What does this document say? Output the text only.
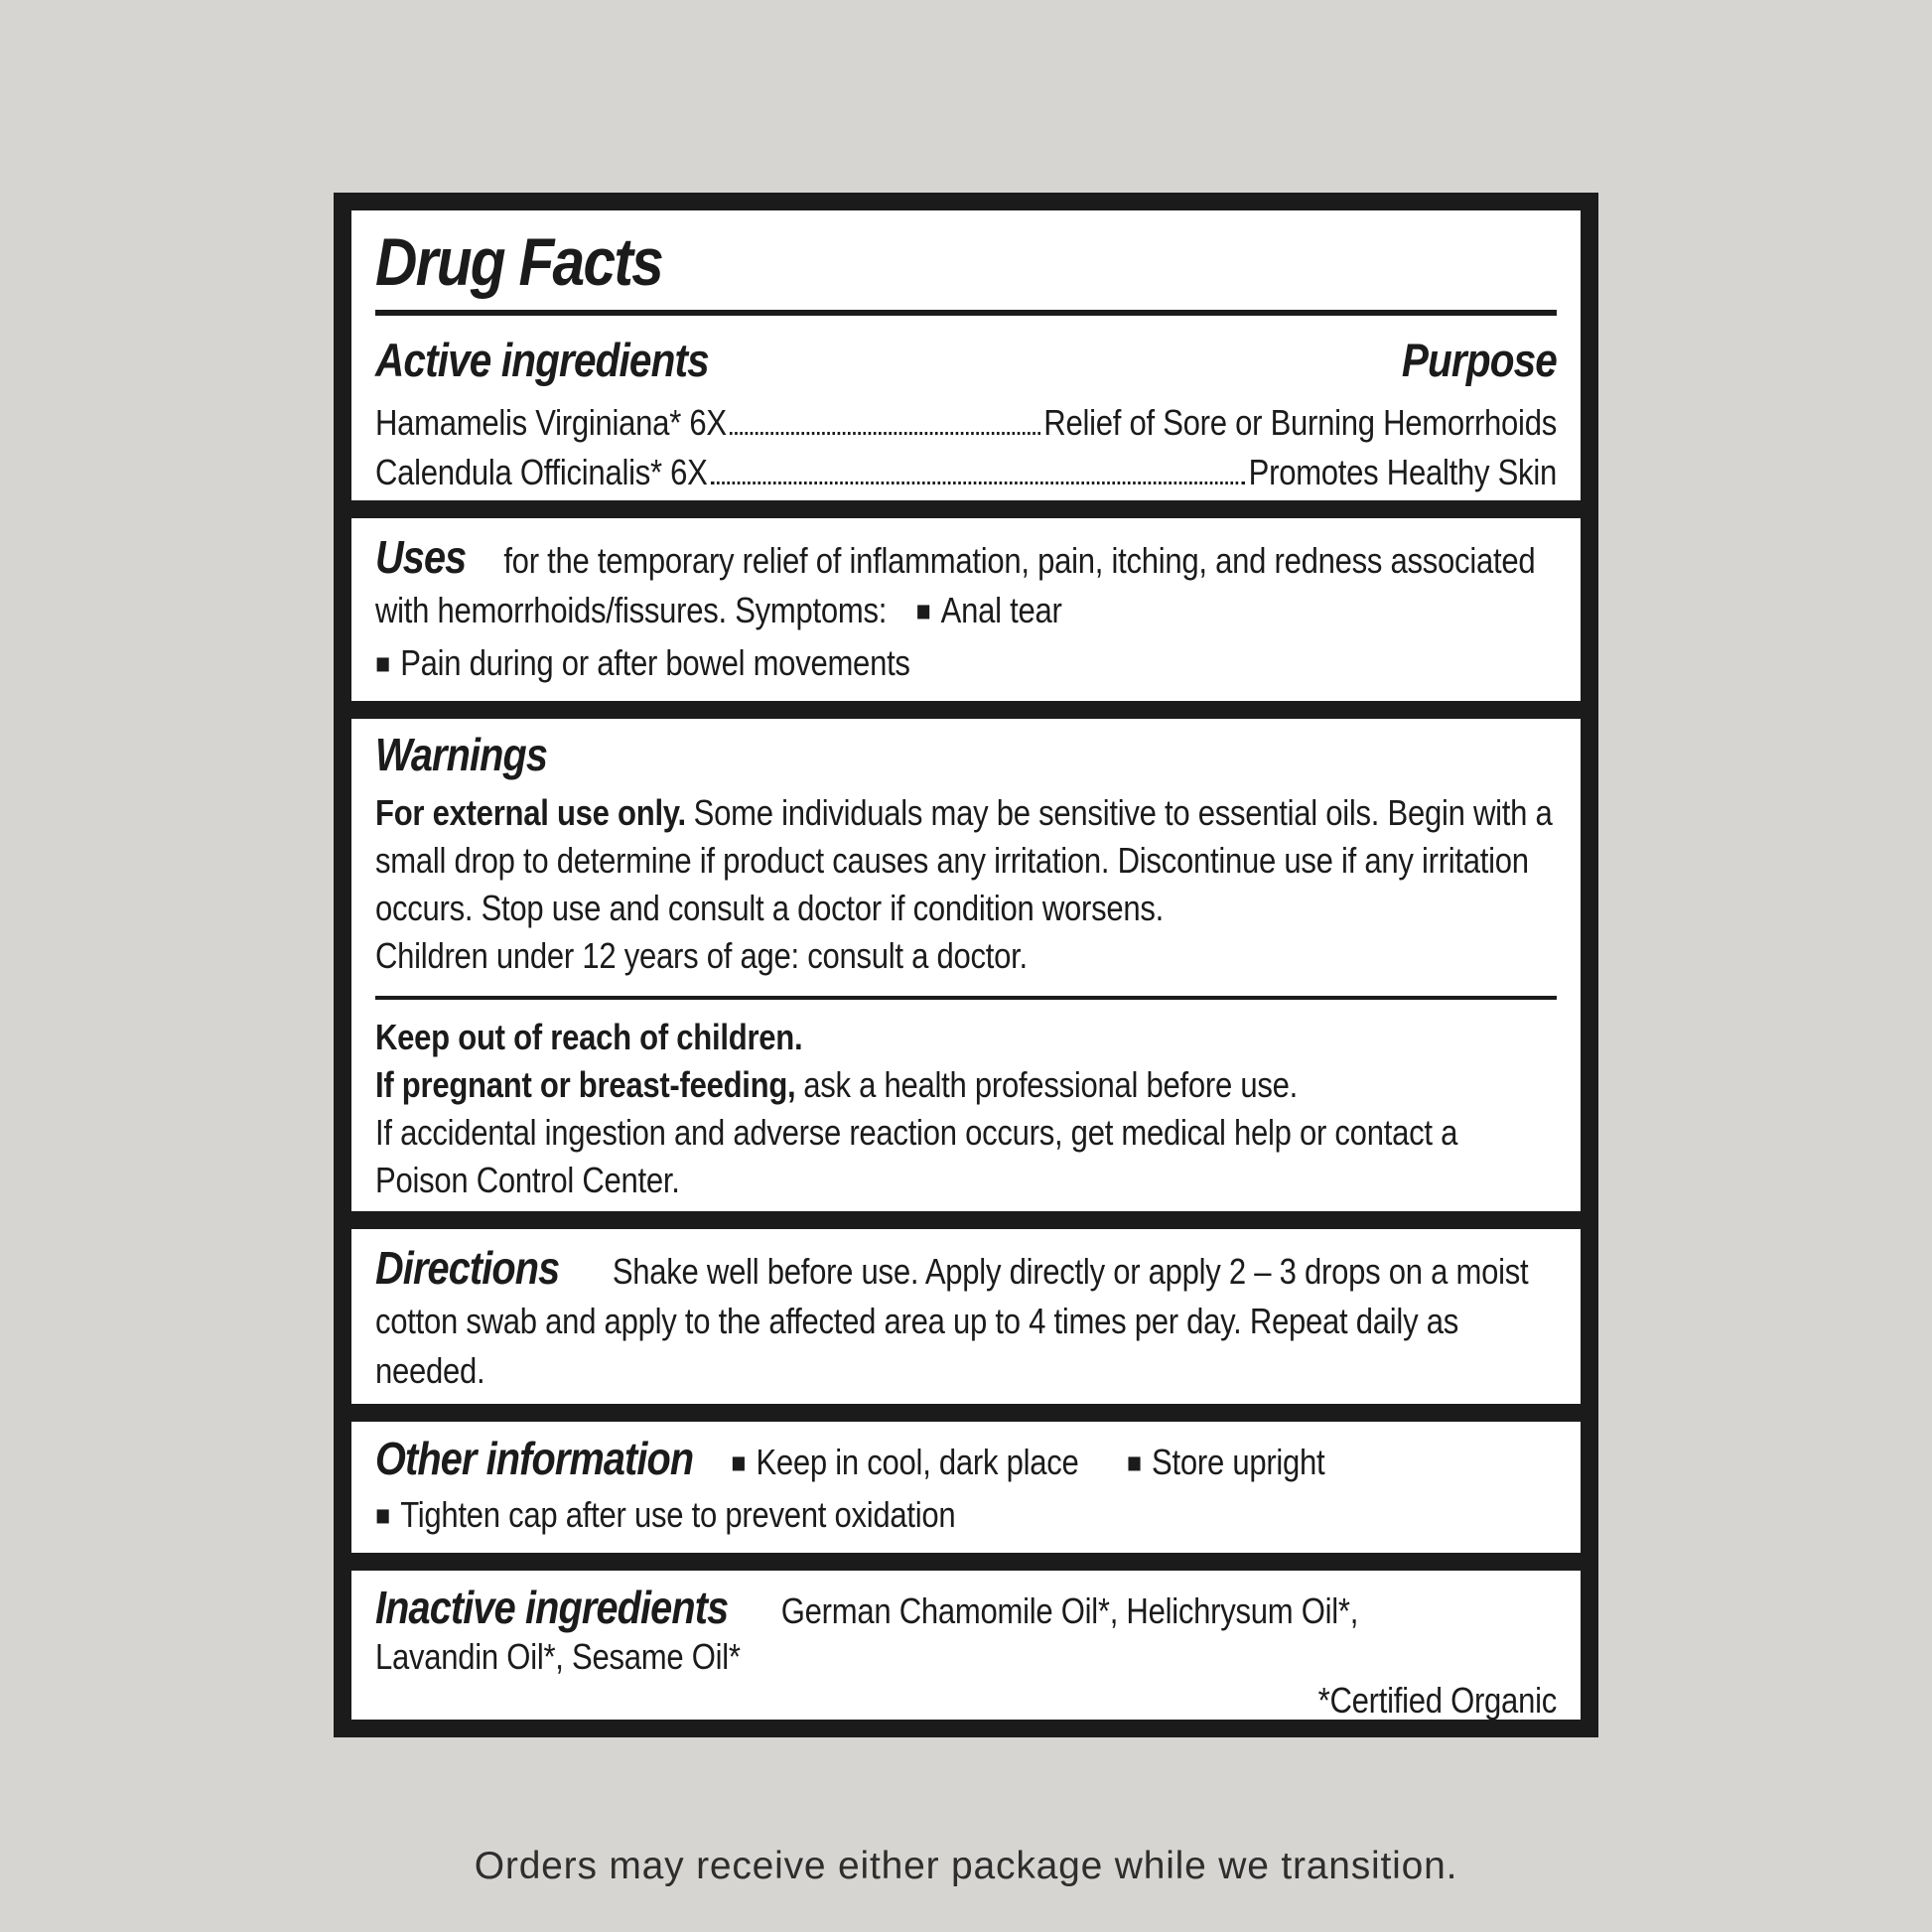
Drug Facts
Active ingredients	Purpose
Hamamelis Virginiana* 6X	Relief of Sore or Burning Hemorrhoids
Calendula Officinalis* 6X	Promotes Healthy Skin

Uses for the temporary relief of inflammation, pain, itching, and redness associated with hemorrhoids/fissures. Symptoms: ■ Anal tear

■ Pain during or after bowel movements

Warnings

For external use only. Some individuals may be sensitive to essential oils. Begin with a small drop to determine if product causes any irritation. Discontinue use if any irritation occurs. Stop use and consult a doctor if condition worsens.

Children under 12 years of age: consult a doctor.

Keep out of reach of children.

If pregnant or breast-feeding, ask a health professional before use.

If accidental ingestion and adverse reaction occurs, get medical help or contact a Poison Control Center.

Directions Shake well before use. Apply directly or apply 2 – 3 drops on a moist cotton swab and apply to the affected area up to 4 times per day. Repeat daily as needed.

Other information ■ Keep in cool, dark place ■ Store upright

■ Tighten cap after use to prevent oxidation

Inactive ingredients German Chamomile Oil*, Helichrysum Oil*,

Lavandin Oil*, Sesame Oil*

*Certified Organic

Orders may receive either package while we transition.
